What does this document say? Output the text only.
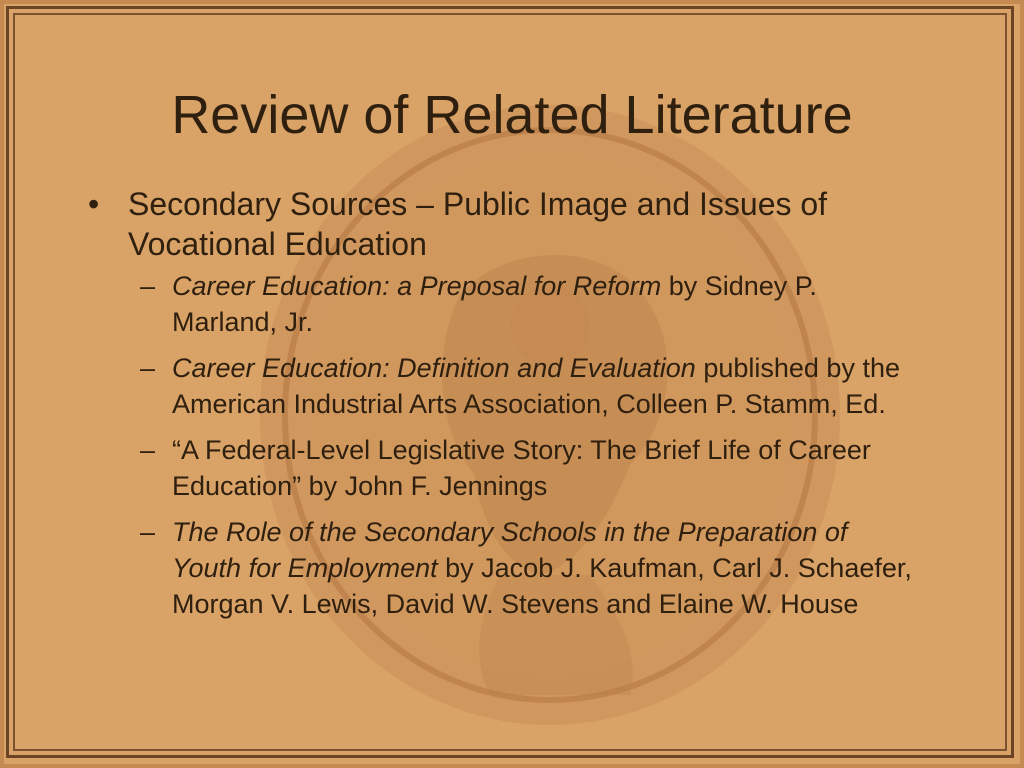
Review of Related Literature
• Secondary Sources – Public Image and Issues of Vocational Education
– Career Education: a Preposal for Reform by Sidney P. Marland, Jr.
– Career Education: Definition and Evaluation published by the American Industrial Arts Association, Colleen P. Stamm, Ed.
– “A Federal-Level Legislative Story: The Brief Life of Career Education” by John F. Jennings
– The Role of the Secondary Schools in the Preparation of Youth for Employment by Jacob J. Kaufman, Carl J. Schaefer, Morgan V. Lewis, David W. Stevens and Elaine W. House
